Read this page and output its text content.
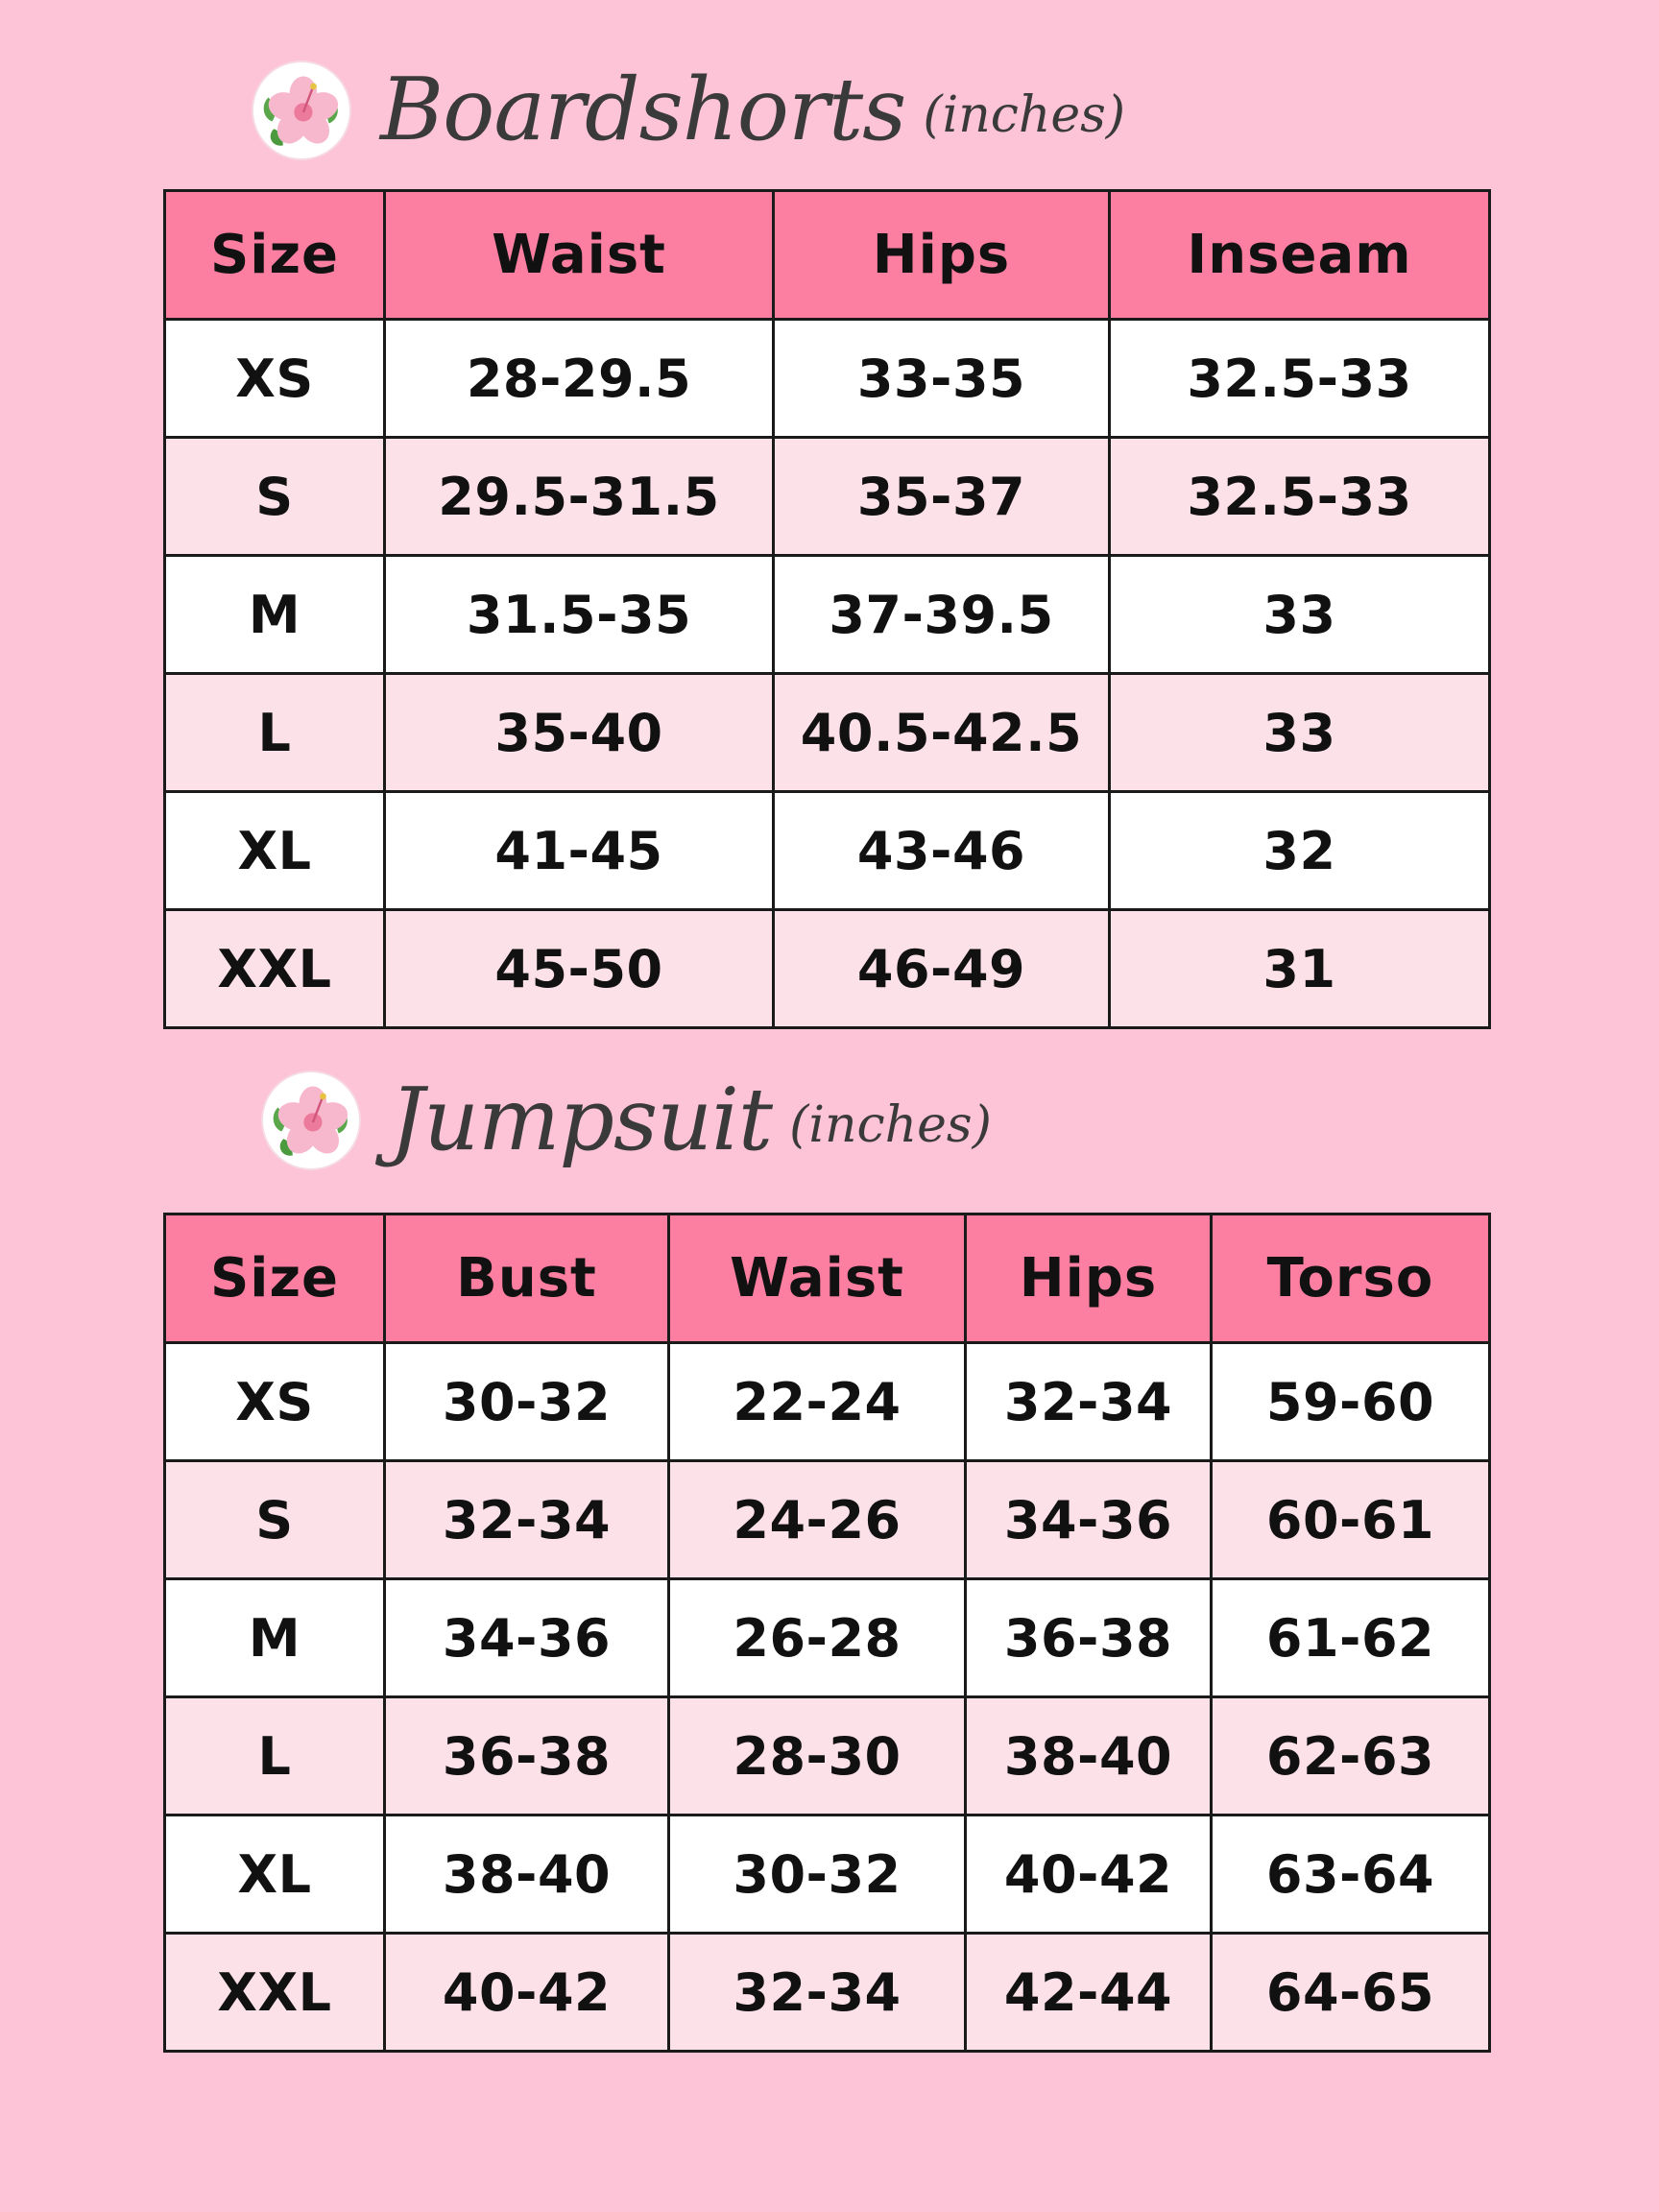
Boardshorts (inches)
Size	Waist	Hips	Inseam
XS	28-29.5	33-35	32.5-33
S	29.5-31.5	35-37	32.5-33
M	31.5-35	37-39.5	33
L	35-40	40.5-42.5	33
XL	41-45	43-46	32
XXL	45-50	46-49	31
Jumpsuit (inches)
Size	Bust	Waist	Hips	Torso
XS	30-32	22-24	32-34	59-60
S	32-34	24-26	34-36	60-61
M	34-36	26-28	36-38	61-62
L	36-38	28-30	38-40	62-63
XL	38-40	30-32	40-42	63-64
XXL	40-42	32-34	42-44	64-65
